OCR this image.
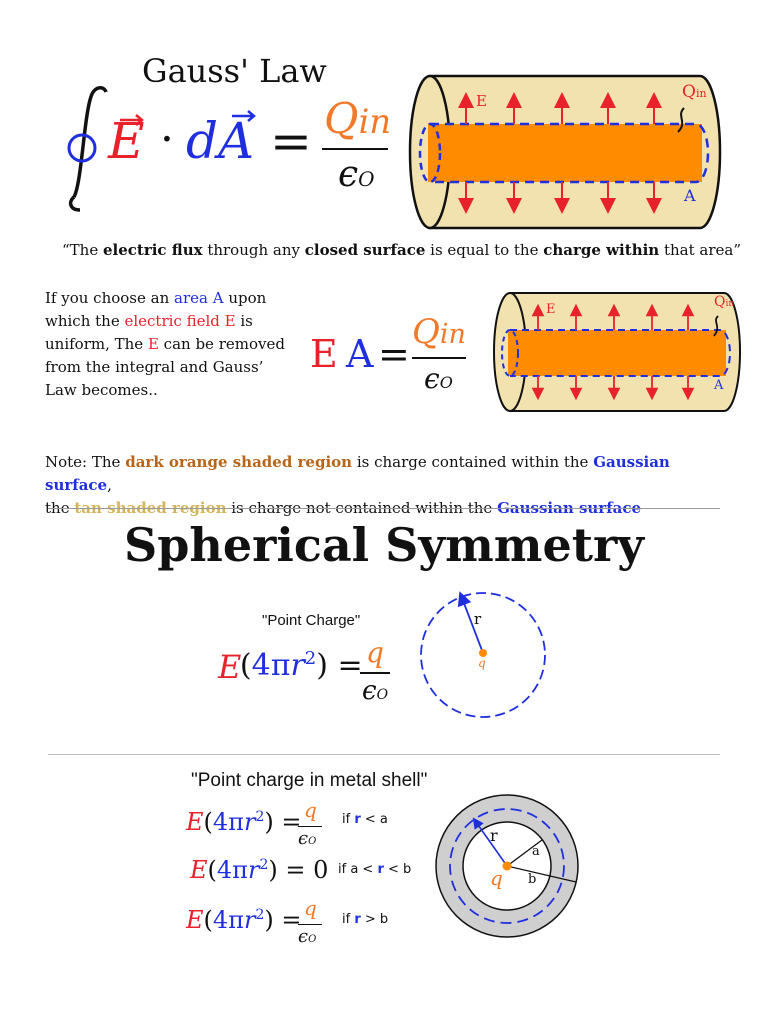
Gauss' Law
E · dA = Qin
ϵO
E	Qin
A
“The electric flux through any closed surface is equal to the charge within that area”
If you choose an area A upon which the electric field E is uniform, The E can be removed from the integral and Gauss’ Law becomes..
E A = Qin
ϵO
E	Qin
A
Note: The dark orange shaded region is charge contained within the Gaussian surface,
the tan shaded region is charge not contained within the Gaussian surface
Spherical Symmetry
"Point Charge"
E
$(4\pi r^2) = q$
ϵO
r
q
"Point charge in metal shell"
$E(4\pi r^2) = q$
ϵO
if r < a
$E(4\pi r^2) = 0$ if a < r < b
$E(4\pi r^2) = q$
ϵO
if r > b
r
a
b
q
